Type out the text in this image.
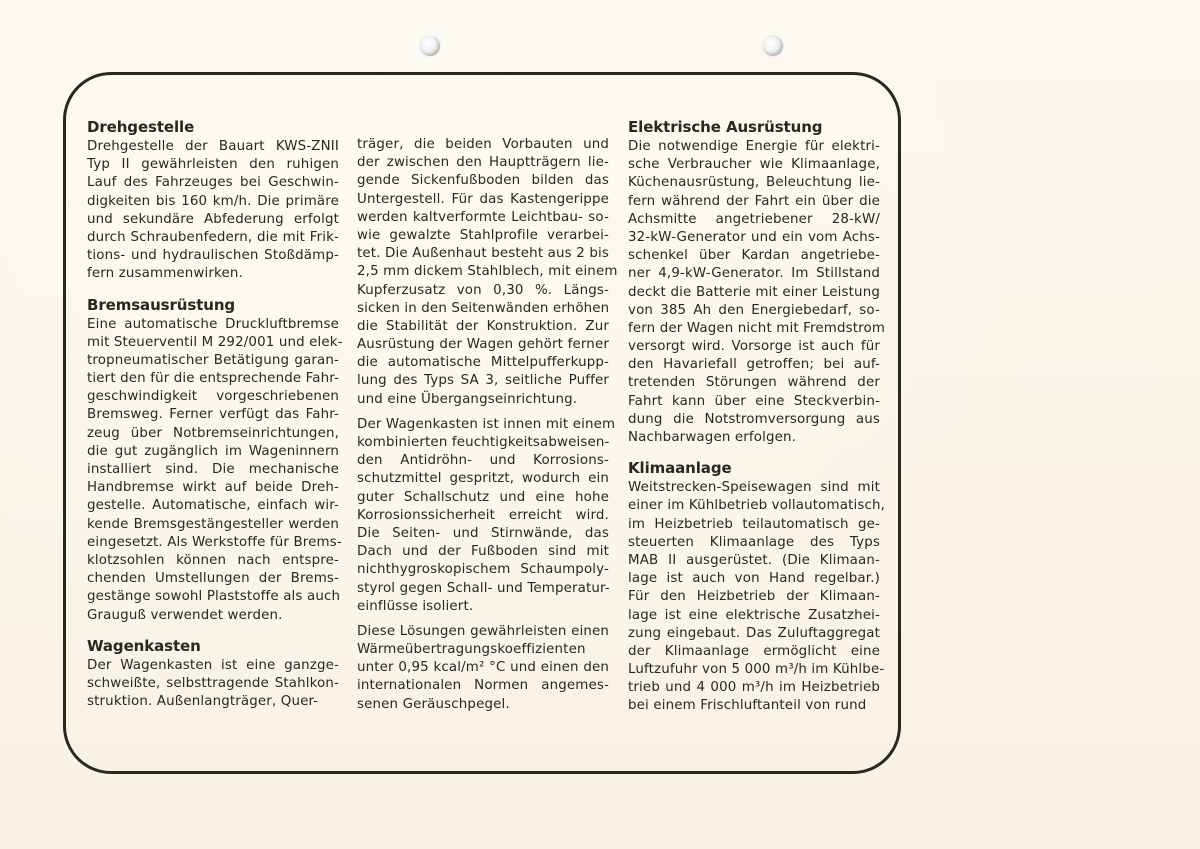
Drehgestelle
Drehgestelle der Bauart KWS-ZNII
Typ II gewährleisten den ruhigen
Lauf des Fahrzeuges bei Geschwin-
digkeiten bis 160 km/h. Die primäre
und sekundäre Abfederung erfolgt
durch Schraubenfedern, die mit Frik-
tions- und hydraulischen Stoßdämp-
fern zusammenwirken.
Bremsausrüstung
Eine automatische Druckluftbremse
mit Steuerventil M 292/001 und elek-
tropneumatischer Betätigung garan-
tiert den für die entsprechende Fahr-
geschwindigkeit vorgeschriebenen
Bremsweg. Ferner verfügt das Fahr-
zeug über Notbremseinrichtungen,
die gut zugänglich im Wageninnern
installiert sind. Die mechanische
Handbremse wirkt auf beide Dreh-
gestelle. Automatische, einfach wir-
kende Bremsgestängesteller werden
eingesetzt. Als Werkstoffe für Brems-
klotzsohlen können nach entspre-
chenden Umstellungen der Brems-
gestänge sowohl Plaststoffe als auch
Grauguß verwendet werden.
Wagenkasten
Der Wagenkasten ist eine ganzge-
schweißte, selbsttragende Stahlkon-
struktion. Außenlangträger, Quer-
träger, die beiden Vorbauten und
der zwischen den Hauptträgern lie-
gende Sickenfußboden bilden das
Untergestell. Für das Kastengerippe
werden kaltverformte Leichtbau- so-
wie gewalzte Stahlprofile verarbei-
tet. Die Außenhaut besteht aus 2 bis
2,5 mm dickem Stahlblech, mit einem
Kupferzusatz von 0,30 %. Längs-
sicken in den Seitenwänden erhöhen
die Stabilität der Konstruktion. Zur
Ausrüstung der Wagen gehört ferner
die automatische Mittelpufferkupp-
lung des Typs SA 3, seitliche Puffer
und eine Übergangseinrichtung.
Der Wagenkasten ist innen mit einem
kombinierten feuchtigkeitsabweisen-
den Antidröhn- und Korrosions-
schutzmittel gespritzt, wodurch ein
guter Schallschutz und eine hohe
Korrosionssicherheit erreicht wird.
Die Seiten- und Stirnwände, das
Dach und der Fußboden sind mit
nichthygroskopischem Schaumpoly-
styrol gegen Schall- und Temperatur-
einflüsse isoliert.
Diese Lösungen gewährleisten einen
Wärmeübertragungskoeffizienten
unter 0,95 kcal/m² °C und einen den
internationalen Normen angemes-
senen Geräuschpegel.
Elektrische Ausrüstung
Die notwendige Energie für elektri-
sche Verbraucher wie Klimaanlage,
Küchenausrüstung, Beleuchtung lie-
fern während der Fahrt ein über die
Achsmitte angetriebener 28-kW/
32-kW-Generator und ein vom Achs-
schenkel über Kardan angetriebe-
ner 4,9-kW-Generator. Im Stillstand
deckt die Batterie mit einer Leistung
von 385 Ah den Energiebedarf, so-
fern der Wagen nicht mit Fremdstrom
versorgt wird. Vorsorge ist auch für
den Havariefall getroffen; bei auf-
tretenden Störungen während der
Fahrt kann über eine Steckverbin-
dung die Notstromversorgung aus
Nachbarwagen erfolgen.
Klimaanlage
Weitstrecken-Speisewagen sind mit
einer im Kühlbetrieb vollautomatisch,
im Heizbetrieb teilautomatisch ge-
steuerten Klimaanlage des Typs
MAB II ausgerüstet. (Die Klimaan-
lage ist auch von Hand regelbar.)
Für den Heizbetrieb der Klimaan-
lage ist eine elektrische Zusatzhei-
zung eingebaut. Das Zuluftaggregat
der Klimaanlage ermöglicht eine
Luftzufuhr von 5 000 m³/h im Kühlbe-
trieb und 4 000 m³/h im Heizbetrieb
bei einem Frischluftanteil von rund
